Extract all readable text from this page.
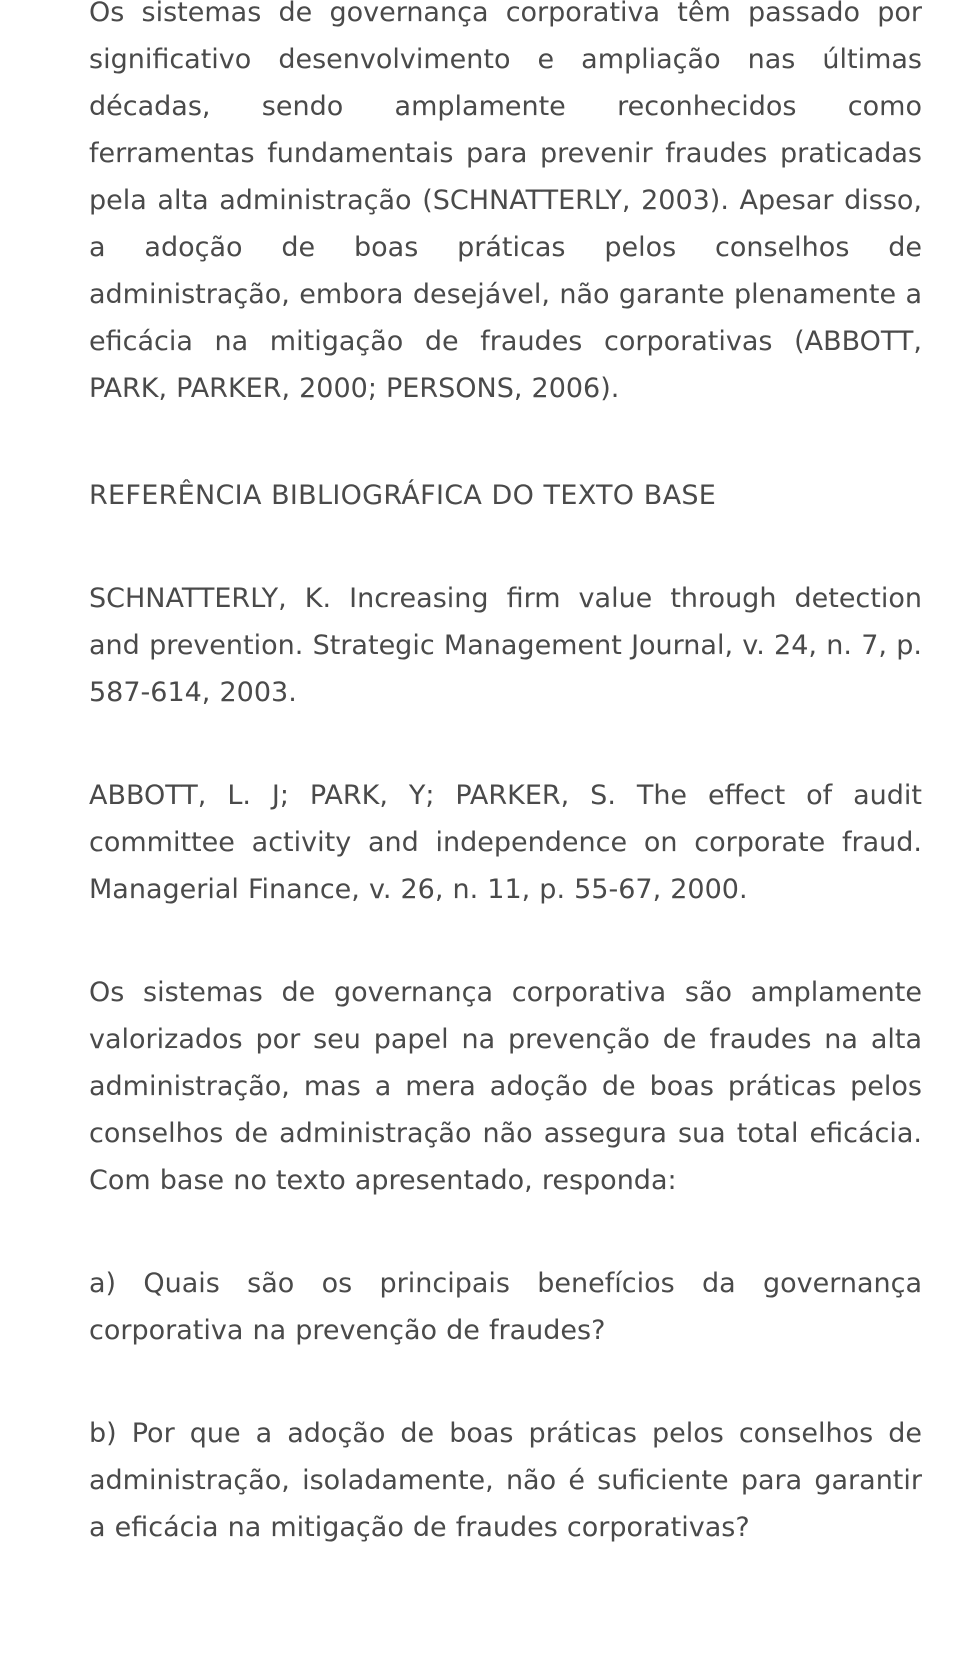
Os sistemas de governança corporativa têm passado por significativo desenvolvimento e ampliação nas últimas décadas, sendo amplamente reconhecidos como ferramentas fundamentais para prevenir fraudes praticadas pela alta administração (SCHNATTERLY, 2003). Apesar disso, a adoção de boas práticas pelos conselhos de administração, embora desejável, não garante plenamente a eficácia na mitigação de fraudes corporativas (ABBOTT, PARK, PARKER, 2000; PERSONS, 2006).

REFERÊNCIA BIBLIOGRÁFICA DO TEXTO BASE

SCHNATTERLY, K. Increasing firm value through detection and prevention. Strategic Management Journal, v. 24, n. 7, p. 587-614, 2003.

ABBOTT, L. J; PARK, Y; PARKER, S. The effect of audit committee activity and independence on corporate fraud. Managerial Finance, v. 26, n. 11, p. 55-67, 2000.

Os sistemas de governança corporativa são amplamente valorizados por seu papel na prevenção de fraudes na alta administração, mas a mera adoção de boas práticas pelos conselhos de administração não assegura sua total eficácia. Com base no texto apresentado, responda:

a) Quais são os principais benefícios da governança corporativa na prevenção de fraudes?

b) Por que a adoção de boas práticas pelos conselhos de administração, isoladamente, não é suficiente para garantir a eficácia na mitigação de fraudes corporativas?
